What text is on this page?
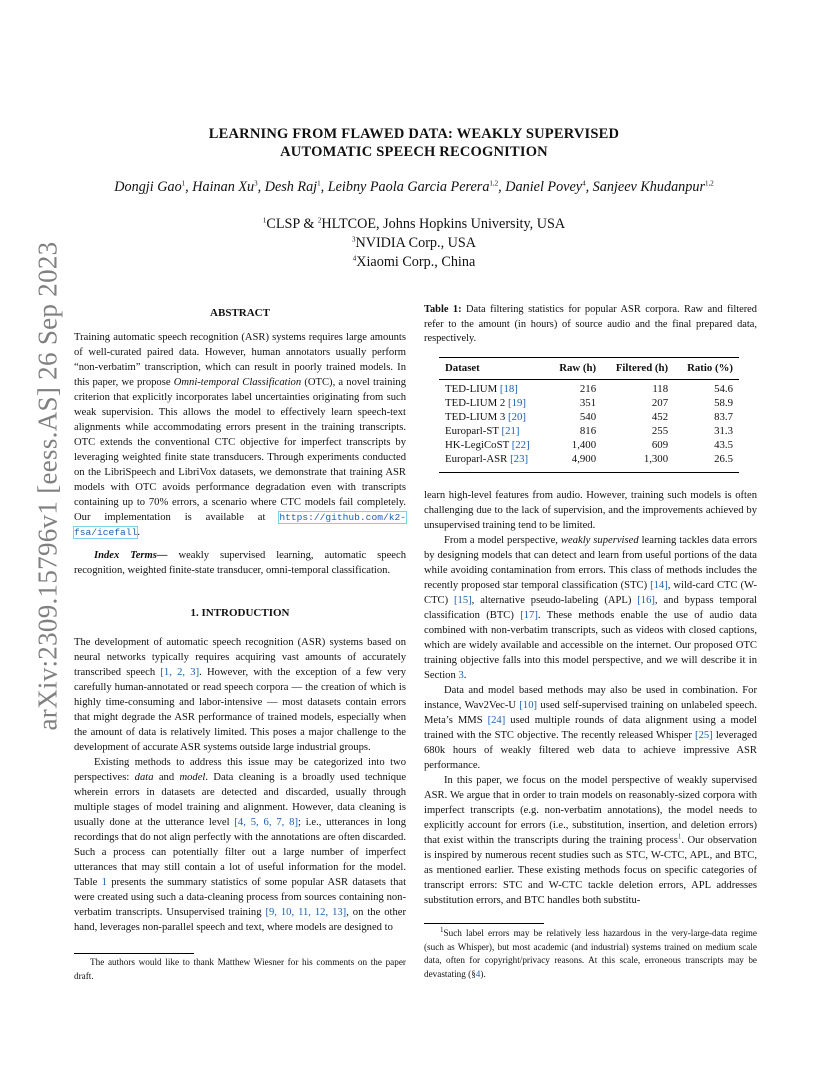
arXiv:2309.15796v1 [eess.AS] 26 Sep 2023
LEARNING FROM FLAWED DATA: WEAKLY SUPERVISED
AUTOMATIC SPEECH RECOGNITION
Dongji Gao$^1$, Hainan Xu$^3$, Desh Raj$^1$, Leibny Paola Garcia Perera$^{1,2}$, Daniel Povey$^4$, Sanjeev Khudanpur$^{1,2}$
$^1$CLSP & $^2$HLTCOE, Johns Hopkins University, USA
$^3$NVIDIA Corp., USA
$^4$Xiaomi Corp., China
ABSTRACT

Training automatic speech recognition (ASR) systems requires large amounts of well-curated paired data. However, human annotators usually perform “non-verbatim” transcription, which can result in poorly trained models. In this paper, we propose Omni-temporal Classification (OTC), a novel training criterion that explicitly incorporates label uncertainties originating from such weak supervision. This allows the model to effectively learn speech-text alignments while accommodating errors present in the training transcripts. OTC extends the conventional CTC objective for imperfect transcripts by leveraging weighted finite state transducers. Through experiments conducted on the LibriSpeech and LibriVox datasets, we demonstrate that training ASR models with OTC avoids performance degradation even with transcripts containing up to 70% errors, a scenario where CTC models fail completely. Our implementation is available at https://github.com/k2-fsa/icefall.

Index Terms— weakly supervised learning, automatic speech recognition, weighted finite-state transducer, omni-temporal classification.

1. INTRODUCTION

The development of automatic speech recognition (ASR) systems based on neural networks typically requires acquiring vast amounts of accurately transcribed speech [1, 2, 3]. However, with the exception of a few very carefully human-annotated or read speech corpora — the creation of which is highly time-consuming and labor-intensive — most datasets contain errors that might degrade the ASR performance of trained models, especially when the amount of data is relatively limited. This poses a major challenge to the development of accurate ASR systems outside large industrial groups.

Existing methods to address this issue may be categorized into two perspectives: data and model. Data cleaning is a broadly used technique wherein errors in datasets are detected and discarded, usually through multiple stages of model training and alignment. However, data cleaning is usually done at the utterance level [4, 5, 6, 7, 8]; i.e., utterances in long recordings that do not align perfectly with the annotations are often discarded. Such a process can potentially filter out a large number of imperfect utterances that may still contain a lot of useful information for the model. Table 1 presents the summary statistics of some popular ASR datasets that were created using such a data-cleaning process from sources containing non-verbatim transcripts. Unsupervised training [9, 10, 11, 12, 13], on the other hand, leverages non-parallel speech and text, where models are designed to

The authors would like to thank Matthew Wiesner for his comments on the paper draft.
Table 1: Data filtering statistics for popular ASR corpora. Raw and filtered refer to the amount (in hours) of source audio and the final prepared data, respectively.
Dataset	Raw (h)	Filtered (h)	Ratio (%)

TED-LIUM [18]	216	118	54.6
TED-LIUM 2 [19]	351	207	58.9
TED-LIUM 3 [20]	540	452	83.7
Europarl-ST [21]	816	255	31.3
HK-LegiCoST [22]	1,400	609	43.5
Europarl-ASR [23]	4,900	1,300	26.5

learn high-level features from audio. However, training such models is often challenging due to the lack of supervision, and the improvements achieved by unsupervised training tend to be limited.

From a model perspective, weakly supervised learning tackles data errors by designing models that can detect and learn from useful portions of the data while avoiding contamination from errors. This class of methods includes the recently proposed star temporal classification (STC) [14], wild-card CTC (W-CTC) [15], alternative pseudo-labeling (APL) [16], and bypass temporal classification (BTC) [17]. These methods enable the use of audio data combined with non-verbatim transcripts, such as videos with closed captions, which are widely available and accessible on the internet. Our proposed OTC training objective falls into this model perspective, and we will describe it in Section 3.

Data and model based methods may also be used in combination. For instance, Wav2Vec-U [10] used self-supervised training on unlabeled speech. Meta’s MMS [24] used multiple rounds of data alignment using a model trained with the STC objective. The recently released Whisper [25] leveraged 680k hours of weakly filtered web data to achieve impressive ASR performance.

In this paper, we focus on the model perspective of weakly supervised ASR. We argue that in order to train models on reasonably-sized corpora with imperfect transcripts (e.g. non-verbatim annotations), the model needs to explicitly account for errors (i.e., substitution, insertion, and deletion errors) that exist within the transcripts during the training process$^1$. Our observation is inspired by numerous recent studies such as STC, W-CTC, APL, and BTC, as mentioned earlier. These existing methods focus on specific categories of transcript errors: STC and W-CTC tackle deletion errors, APL addresses substitution errors, and BTC handles both substitu-

$^1$Such label errors may be relatively less hazardous in the very-large-data regime (such as Whisper), but most academic (and industrial) systems trained on medium scale data, often for copyright/privacy reasons. At this scale, erroneous transcripts may be devastating (§4).
